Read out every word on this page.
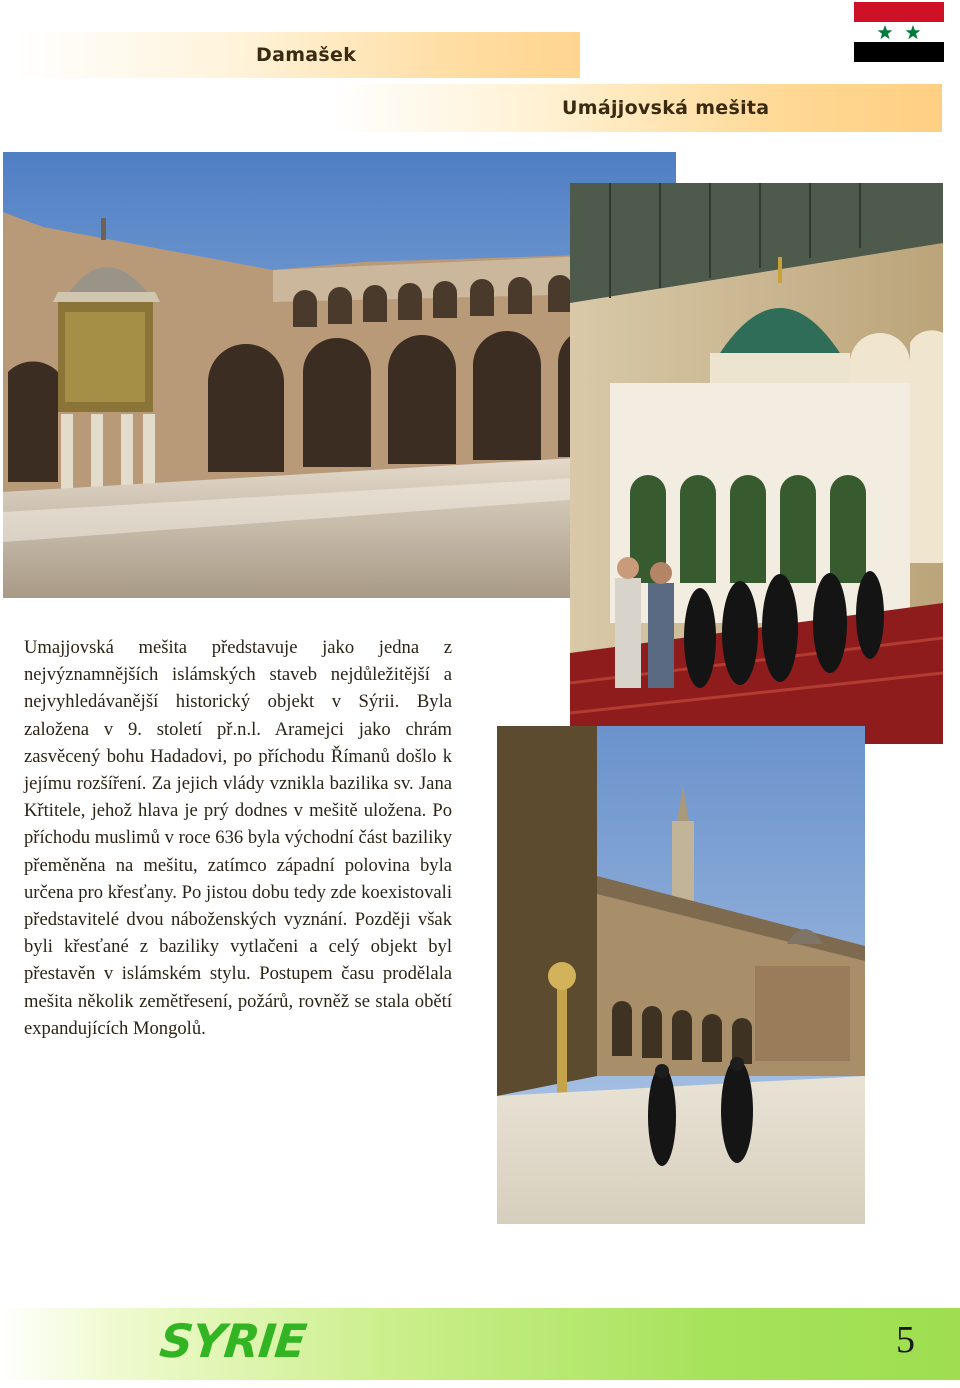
Damašek
Umájjovská mešita

Umajjovská mešita představuje jako jedna z nejvýznamnějších islámských staveb nejdůležitější a nejvyhledávanější historický objekt v Sýrii. Byla založena v 9. století př.n.l. Aramejci jako chrám zasvěcený bohu Hadadovi, po příchodu Římanů došlo k jejímu rozšíření. Za jejich vlády vznikla bazilika sv. Jana Křtitele, jehož hlava je prý dodnes v mešitě uložena. Po příchodu muslimů v roce 636 byla východní část baziliky přeměněna na mešitu, zatímco západní polovina byla určena pro křesťany. Po jistou dobu tedy zde koexistovali představitelé dvou náboženských vyznání. Později však byli křesťané z baziliky vytlačeni a celý objekt byl přestavěn v islámském stylu. Postupem času prodělala mešita několik zemětřesení, požárů, rovněž se stala obětí expandujících Mongolů.

SYRIE	5
